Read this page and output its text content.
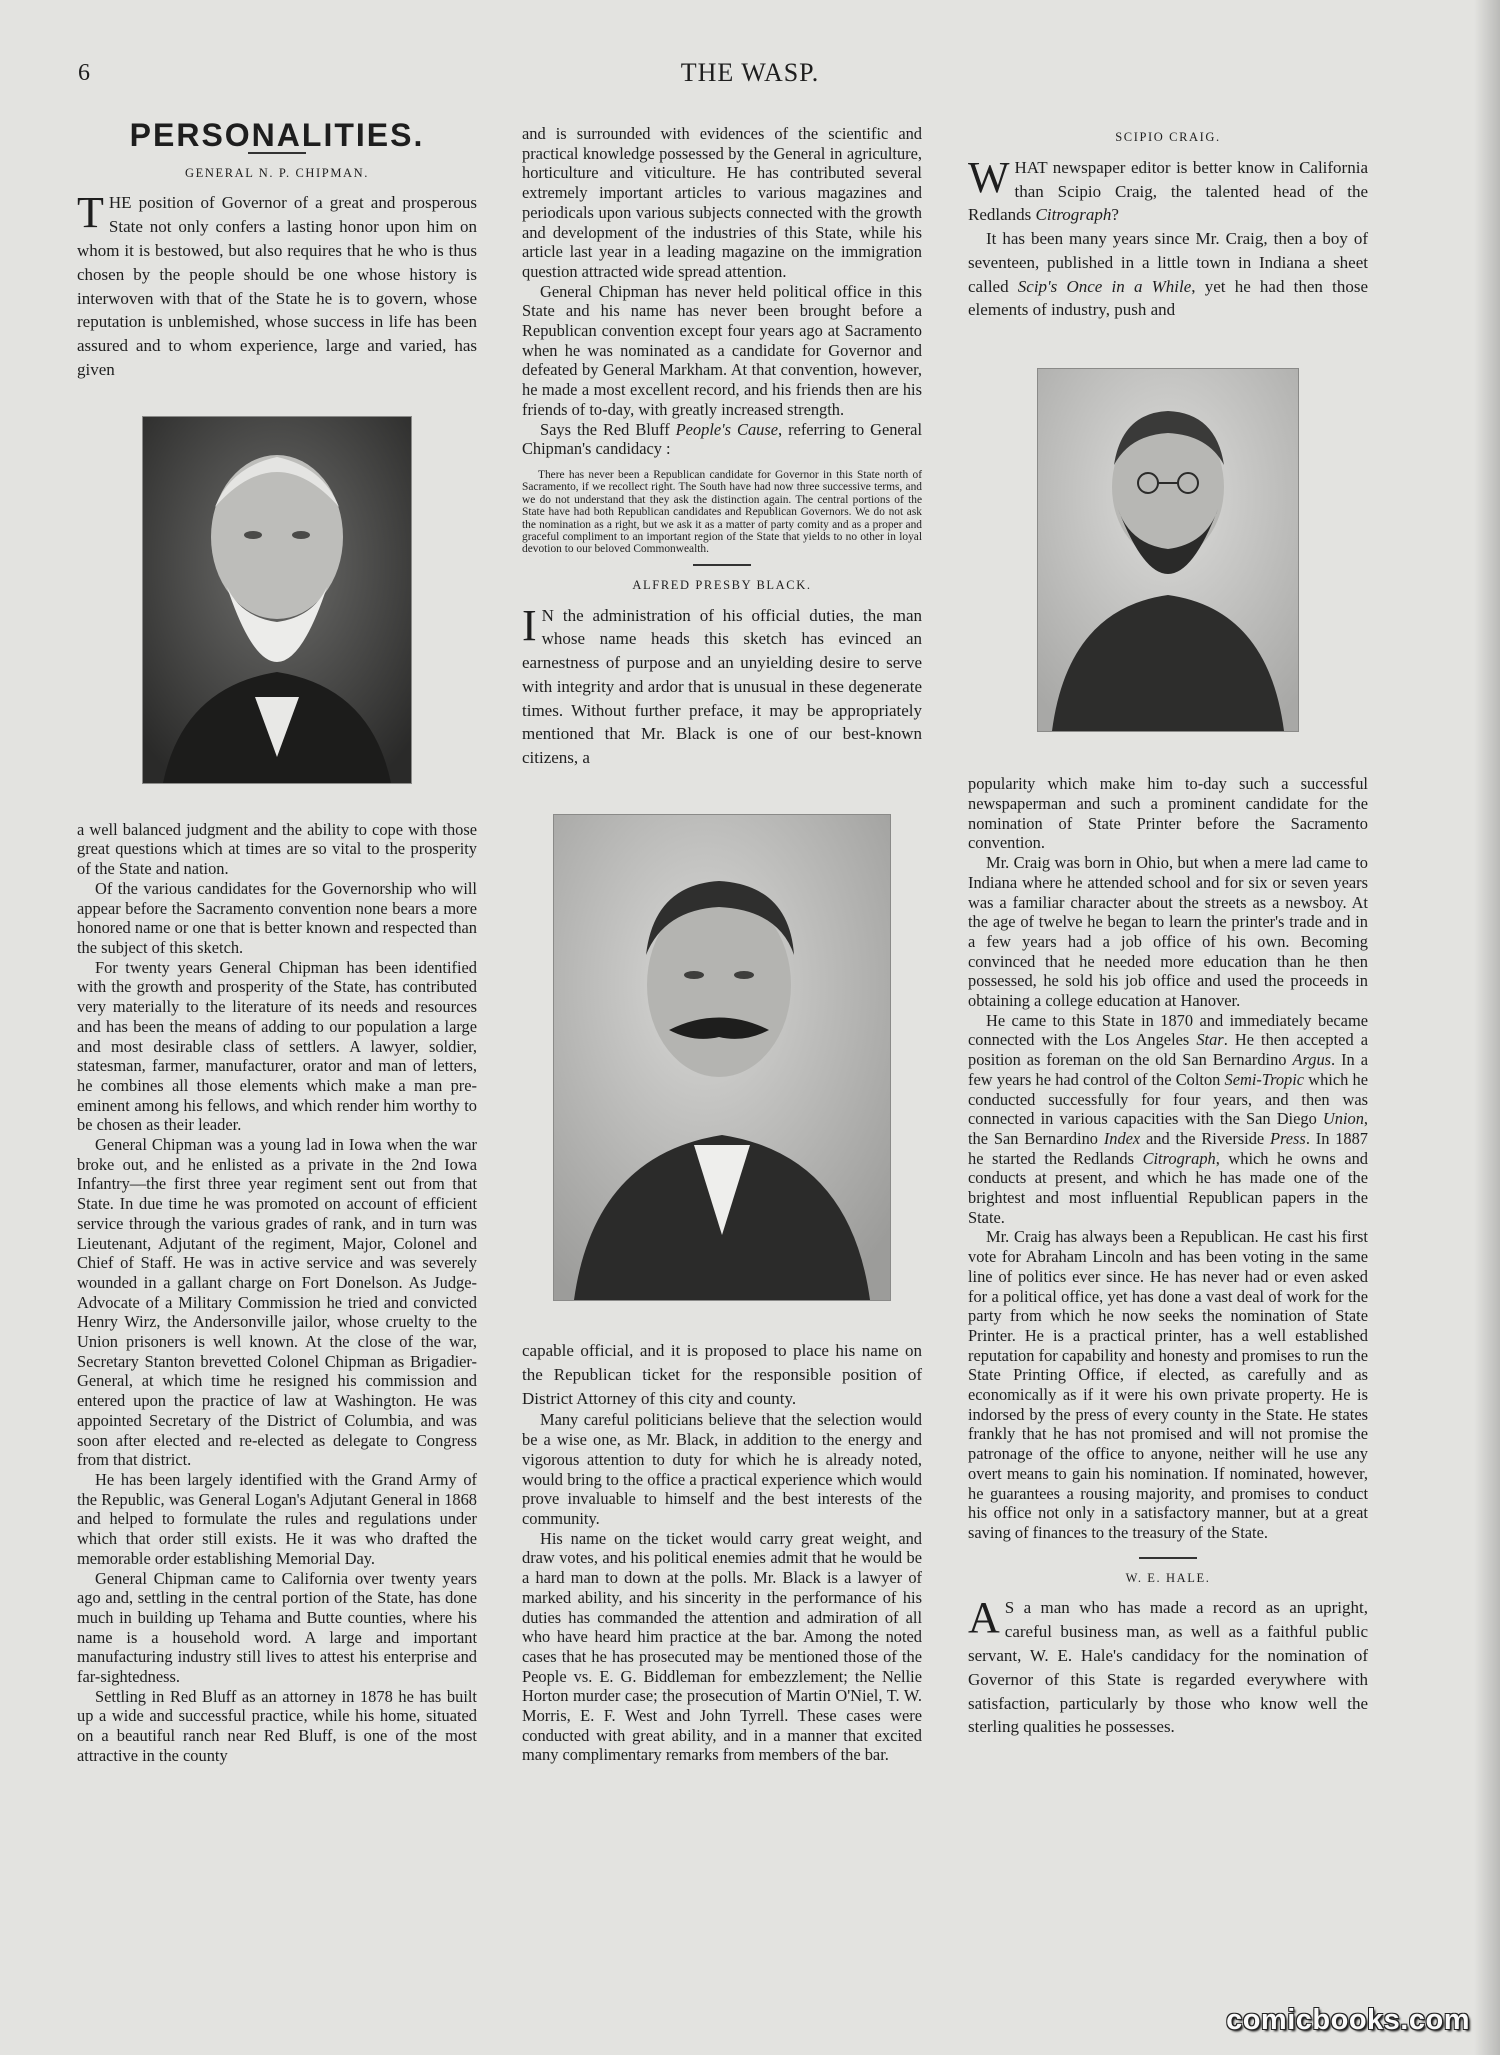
6	THE WASP.
PERSONALITIES.
GENERAL N. P. CHIPMAN.

THE position of Governor of a great and prosperous State not only confers a lasting honor upon him on whom it is bestowed, but also requires that he who is thus chosen by the people should be one whose history is interwoven with that of the State he is to govern, whose reputation is unblemished, whose success in life has been assured and to whom experience, large and varied, has given

a well balanced judgment and the ability to cope with those great questions which at times are so vital to the prosperity of the State and nation.

Of the various candidates for the Governorship who will appear before the Sacramento convention none bears a more honored name or one that is better known and respected than the subject of this sketch.

For twenty years General Chipman has been identified with the growth and prosperity of the State, has contributed very materially to the literature of its needs and resources and has been the means of adding to our population a large and most desirable class of settlers. A lawyer, soldier, statesman, farmer, manufacturer, orator and man of letters, he combines all those elements which make a man pre-eminent among his fellows, and which render him worthy to be chosen as their leader.

General Chipman was a young lad in Iowa when the war broke out, and he enlisted as a private in the 2nd Iowa Infantry—the first three year regiment sent out from that State. In due time he was promoted on account of efficient service through the various grades of rank, and in turn was Lieutenant, Adjutant of the regiment, Major, Colonel and Chief of Staff. He was in active service and was severely wounded in a gallant charge on Fort Donelson. As Judge-Advocate of a Military Commission he tried and convicted Henry Wirz, the Andersonville jailor, whose cruelty to the Union prisoners is well known. At the close of the war, Secretary Stanton brevetted Colonel Chipman as Brigadier-General, at which time he resigned his commission and entered upon the practice of law at Washington. He was appointed Secretary of the District of Columbia, and was soon after elected and re-elected as delegate to Congress from that district.

He has been largely identified with the Grand Army of the Republic, was General Logan's Adjutant General in 1868 and helped to formulate the rules and regulations under which that order still exists. He it was who drafted the memorable order establishing Memorial Day.

General Chipman came to California over twenty years ago and, settling in the central portion of the State, has done much in building up Tehama and Butte counties, where his name is a household word. A large and important manufacturing industry still lives to attest his enterprise and far-sightedness.

Settling in Red Bluff as an attorney in 1878 he has built up a wide and successful practice, while his home, situated on a beautiful ranch near Red Bluff, is one of the most attractive in the county

and is surrounded with evidences of the scientific and practical knowledge possessed by the General in agriculture, horticulture and viticulture. He has contributed several extremely important articles to various magazines and periodicals upon various subjects connected with the growth and development of the industries of this State, while his article last year in a leading magazine on the immigration question attracted wide spread attention.

General Chipman has never held political office in this State and his name has never been brought before a Republican convention except four years ago at Sacramento when he was nominated as a candidate for Governor and defeated by General Markham. At that convention, however, he made a most excellent record, and his friends then are his friends of to-day, with greatly increased strength.

Says the Red Bluff People's Cause, referring to General Chipman's candidacy :

There has never been a Republican candidate for Governor in this State north of Sacramento, if we recollect right. The South have had now three successive terms, and we do not understand that they ask the distinction again. The central portions of the State have had both Republican candidates and Republican Governors. We do not ask the nomination as a right, but we ask it as a matter of party comity and as a proper and graceful compliment to an important region of the State that yields to no other in loyal devotion to our beloved Commonwealth.

ALFRED PRESBY BLACK.

I N the administration of his official duties, the man whose name heads this sketch has evinced an earnestness of purpose and an unyielding desire to serve with integrity and ardor that is unusual in these degenerate times. Without further preface, it may be appropriately mentioned that Mr. Black is one of our best-known citizens, a

capable official, and it is proposed to place his name on the Republican ticket for the responsible position of District Attorney of this city and county.

Many careful politicians believe that the selection would be a wise one, as Mr. Black, in addition to the energy and vigorous attention to duty for which he is already noted, would bring to the office a practical experience which would prove invaluable to himself and the best interests of the community.

His name on the ticket would carry great weight, and draw votes, and his political enemies admit that he would be a hard man to down at the polls. Mr. Black is a lawyer of marked ability, and his sincerity in the performance of his duties has commanded the attention and admiration of all who have heard him practice at the bar. Among the noted cases that he has prosecuted may be mentioned those of the People vs. E. G. Biddleman for embezzlement; the Nellie Horton murder case; the prosecution of Martin O'Niel, T. W. Morris, E. F. West and John Tyrrell. These cases were conducted with great ability, and in a manner that excited many complimentary remarks from members of the bar.

SCIPIO CRAIG.

WHAT newspaper editor is better know in California than Scipio Craig, the talented head of the Redlands Citrograph?

It has been many years since Mr. Craig, then a boy of seventeen, published in a little town in Indiana a sheet called Scip's Once in a While, yet he had then those elements of industry, push and

popularity which make him to-day such a successful newspaperman and such a prominent candidate for the nomination of State Printer before the Sacramento convention.

Mr. Craig was born in Ohio, but when a mere lad came to Indiana where he attended school and for six or seven years was a familiar character about the streets as a newsboy. At the age of twelve he began to learn the printer's trade and in a few years had a job office of his own. Becoming convinced that he needed more education than he then possessed, he sold his job office and used the proceeds in obtaining a college education at Hanover.

He came to this State in 1870 and immediately became connected with the Los Angeles Star. He then accepted a position as foreman on the old San Bernardino Argus. In a few years he had control of the Colton Semi-Tropic which he conducted successfully for four years, and then was connected in various capacities with the San Diego Union, the San Bernardino Index and the Riverside Press. In 1887 he started the Redlands Citrograph, which he owns and conducts at present, and which he has made one of the brightest and most influential Republican papers in the State.

Mr. Craig has always been a Republican. He cast his first vote for Abraham Lincoln and has been voting in the same line of politics ever since. He has never had or even asked for a political office, yet has done a vast deal of work for the party from which he now seeks the nomination of State Printer. He is a practical printer, has a well established reputation for capability and honesty and promises to run the State Printing Office, if elected, as carefully and as economically as if it were his own private property. He is indorsed by the press of every county in the State. He states frankly that he has not promised and will not promise the patronage of the office to anyone, neither will he use any overt means to gain his nomination. If nominated, however, he guarantees a rousing majority, and promises to conduct his office not only in a satisfactory manner, but at a great saving of finances to the treasury of the State.

W. E. HALE.

A S a man who has made a record as an upright, careful business man, as well as a faithful public servant, W. E. Hale's candidacy for the nomination of Governor of this State is regarded everywhere with satisfaction, particularly by those who know well the sterling qualities he possesses.

comicbooks.com
